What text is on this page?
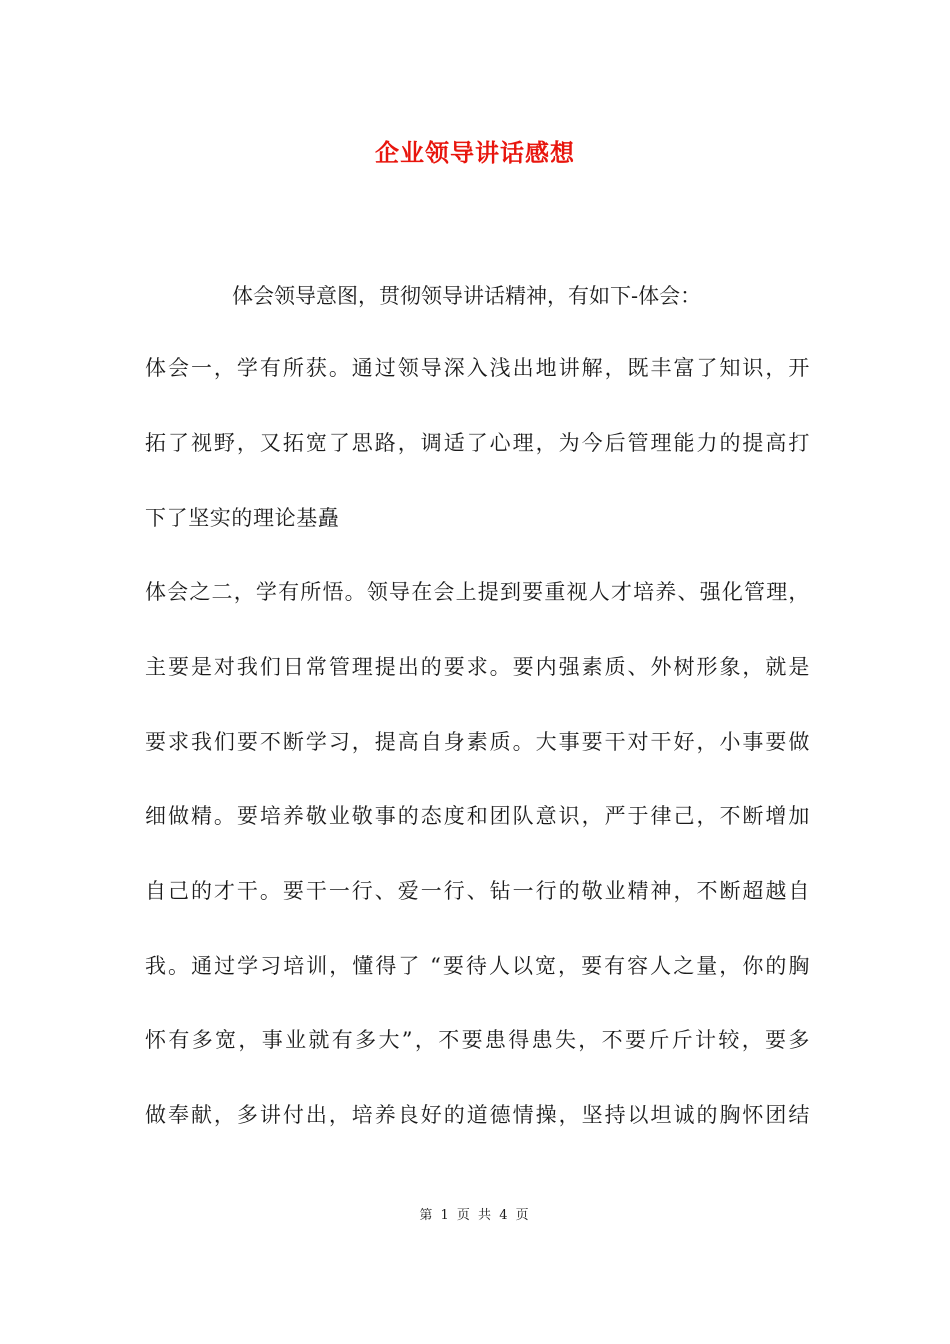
企业领导讲话感想
体会领导意图，贯彻领导讲话精神，有如下-体会：
体会一，学有所获。通过领导深入浅出地讲解，既丰富了知识，开
拓了视野，又拓宽了思路，调适了心理，为今后管理能力的提高打
下了坚实的理论基矗
体会之二，学有所悟。领导在会上提到要重视人才培养、强化管理，
主要是对我们日常管理提出的要求。要内强素质、外树形象，就是
要求我们要不断学习，提高自身素质。大事要干对干好，小事要做
细做精。要培养敬业敬事的态度和团队意识，严于律己，不断增加
自己的才干。要干一行、爱一行、钻一行的敬业精神，不断超越自
我。通过学习培训，懂得了 “要待人以宽，要有容人之量，你的胸
怀有多宽，事业就有多大”，不要患得患失，不要斤斤计较，要多
做奉献，多讲付出，培养良好的道德情操，坚持以坦诚的胸怀团结
第 1 页 共 4 页
